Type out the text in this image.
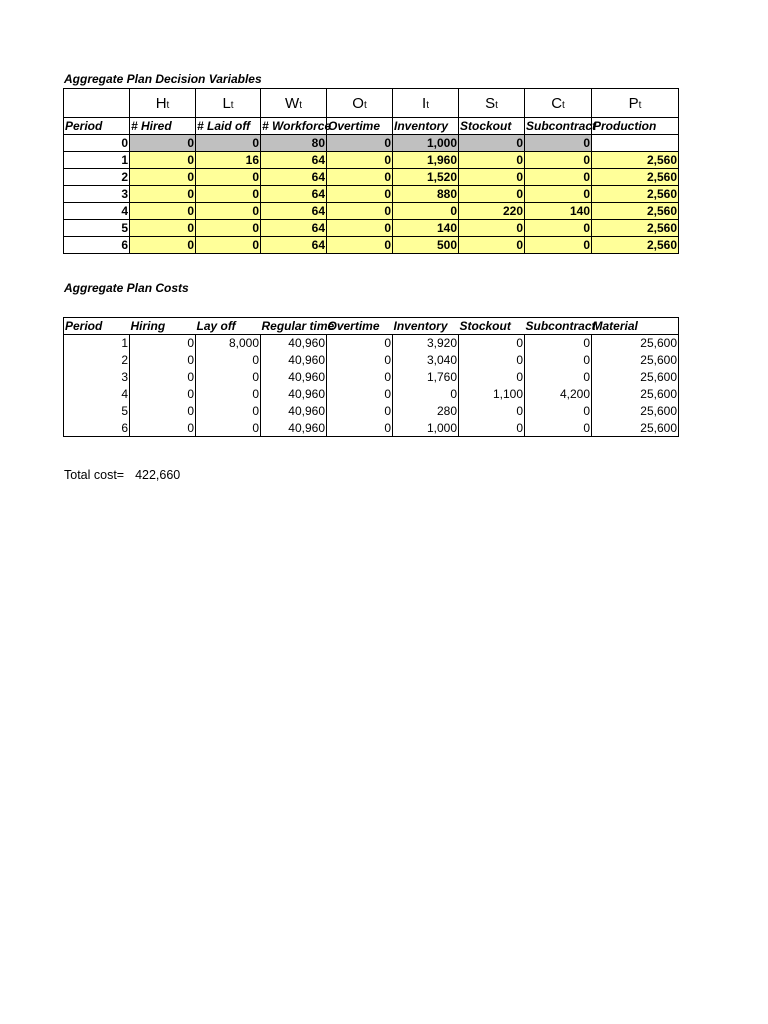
Aggregate Plan Decision Variables
	Ht	Lt	Wt	Ot	It	St	Ct	Pt
Period	# Hired	# Laid off	# Workforce	Overtime	Inventory	Stockout	Subcontract	Production
0	0	0	80	0	1,000	0	0	
1	0	16	64	0	1,960	0	0	2,560
2	0	0	64	0	1,520	0	0	2,560
3	0	0	64	0	880	0	0	2,560
4	0	0	64	0	0	220	140	2,560
5	0	0	64	0	140	0	0	2,560
6	0	0	64	0	500	0	0	2,560
Aggregate Plan Costs
Period	Hiring	Lay off	Regular time	Overtime	Inventory	Stockout	Subcontract	Material
1	0	8,000	40,960	0	3,920	0	0	25,600
2	0	0	40,960	0	3,040	0	0	25,600
3	0	0	40,960	0	1,760	0	0	25,600
4	0	0	40,960	0	0	1,100	4,200	25,600
5	0	0	40,960	0	280	0	0	25,600
6	0	0	40,960	0	1,000	0	0	25,600
Total cost= 422,660
